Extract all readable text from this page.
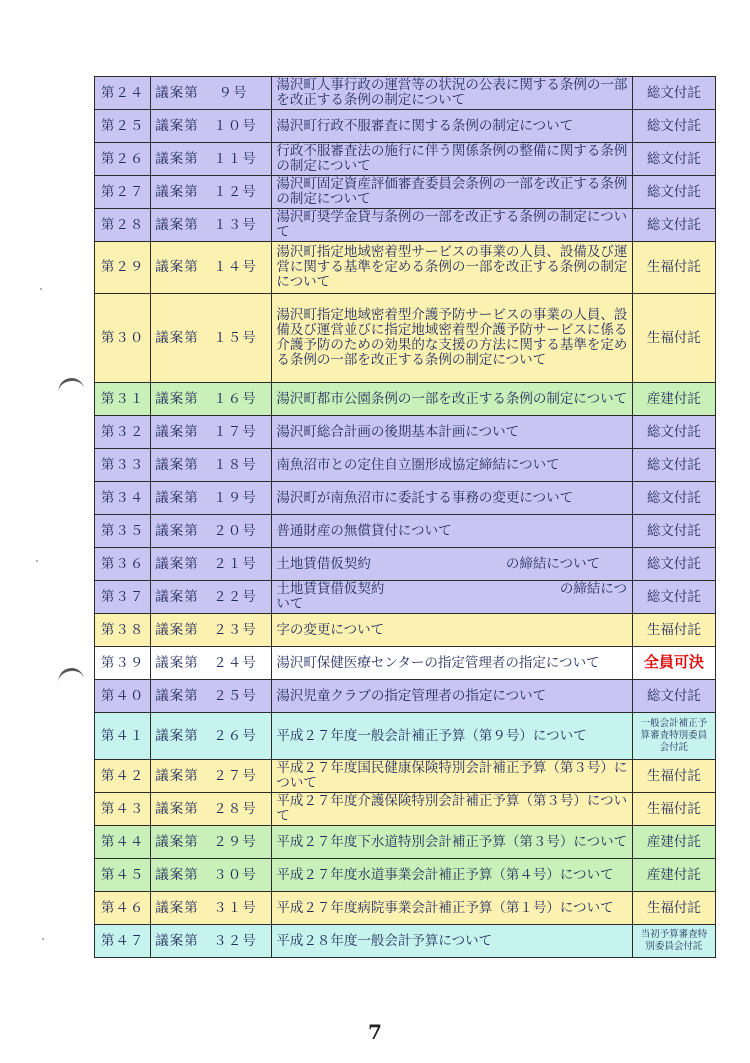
第２４	議案第　 ９号	湯沢町人事行政の運営等の状況の公表に関する条例の一部を改正する条例の制定について	総文付託
第２５	議案第　１０号	湯沢町行政不服審査に関する条例の制定について	総文付託
第２６	議案第　１１号	行政不服審査法の施行に伴う関係条例の整備に関する条例の制定について	総文付託
第２７	議案第　１２号	湯沢町固定資産評価審査委員会条例の一部を改正する条例の制定について	総文付託
第２８	議案第　１３号	湯沢町奨学金貸与条例の一部を改正する条例の制定について	総文付託
第２９	議案第　１４号	湯沢町指定地域密着型サービスの事業の人員、設備及び運営に関する基準を定める条例の一部を改正する条例の制定について	生福付託
第３０	議案第　１５号	湯沢町指定地域密着型介護予防サービスの事業の人員、設備及び運営並びに指定地域密着型介護予防サービスに係る介護予防のための効果的な支援の方法に関する基準を定める条例の一部を改正する条例の制定について	生福付託
第３１	議案第　１６号	湯沢町都市公園条例の一部を改正する条例の制定について	産建付託
第３２	議案第　１７号	湯沢町総合計画の後期基本計画について	総文付託
第３３	議案第　１８号	南魚沼市との定住自立圏形成協定締結について	総文付託
第３４	議案第　１９号	湯沢町が南魚沼市に委託する事務の変更について	総文付託
第３５	議案第　２０号	普通財産の無償貸付について	総文付託
第３６	議案第　２１号	土地賃借仮契約　　　　　　　　　　の締結について	総文付託
第３７	議案第　２２号	土地賃貸借仮契約　　　　　　　　　　　　　の締結について	総文付託
第３８	議案第　２３号	字の変更について	生福付託
第３９	議案第　２４号	湯沢町保健医療センターの指定管理者の指定について	全員可決
第４０	議案第　２５号	湯沢児童クラブの指定管理者の指定について	総文付託
第４１	議案第　２６号	平成２７年度一般会計補正予算（第９号）について	一般会計補正予算審査特別委員会付託

第４２	議案第　２７号	平成２７年度国民健康保険特別会計補正予算（第３号）について	生福付託
第４３	議案第　２８号	平成２７年度介護保険特別会計補正予算（第３号）について	生福付託
第４４	議案第　２９号	平成２７年度下水道特別会計補正予算（第３号）について	産建付託
第４５	議案第　３０号	平成２７年度水道事業会計補正予算（第４号）について	産建付託
第４６	議案第　３１号	平成２７年度病院事業会計補正予算（第１号）について	生福付託
第４７	議案第　３２号	平成２８年度一般会計予算について	当初予算審査特別委員会付託
7
